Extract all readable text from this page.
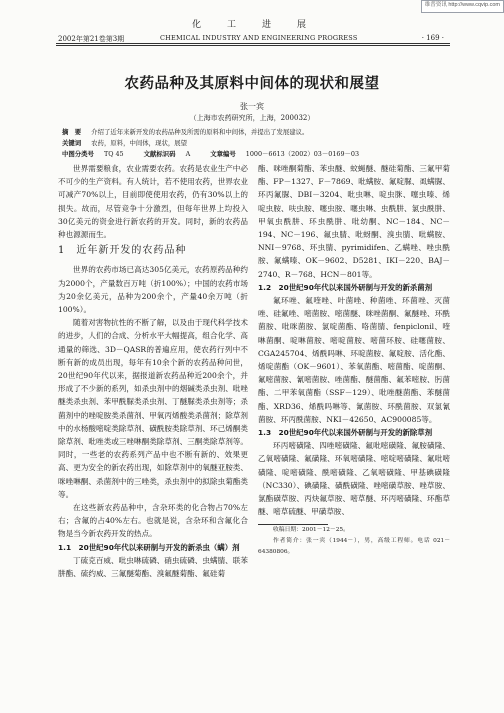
维普资讯 http://www.cqvip.com
化工进展
2002年第21卷第3期	CHEMICAL INDUSTRY AND ENGINEERING PROGRESS	· 169 ·
农药品种及其原料中间体的现状和展望
张一宾
（上海市农药研究所，上海，200032）
摘　要 介绍了近年来新开发的农药品种及所需的原料和中间体，并提出了发展建议。
关键词 农药，原料，中间体，现状，展望
中图分类号 TQ 45	文献标识码 A	文章编号 1000－6613（2002）03－0169－03

世界需要粮食，农业需要农药。农药是农业生产中必不可少的生产资料。有人统计，若不使用农药，世界农业可减产70%以上，目前即使使用农药，仍有30%以上的损失。故而，尽管竞争十分激烈，但每年世界上均投入30亿美元的资金进行新农药的开发。同时，新的农药品种也源源而生。

1　近年新开发的农药品种

世界的农药市场已高达305亿美元，农药原药品种约为2000个，产量数百万吨（折100%）；中国的农药市场为20余亿美元，品种为200余个，产量40余万吨（折100%）。

随着对害物抗性的不断了解，以及由于现代科学技术的进步，人们的合成、分析水平大幅提高，组合化学、高通量的筛选、3D－QASR的普遍应用，使农药行列中不断有新的成员出现，每年有10余个新的农药品种问世，20世纪90年代以来，据报道新农药品种近200余个，并形成了不少新的系列，如杀虫剂中的烟碱类杀虫剂、吡唑醚类杀虫剂、苯甲酰脲类杀虫剂、丁醚脲类杀虫剂等；杀菌剂中的唑啶胺类杀菌剂、甲氧丙烯酸类杀菌剂；除草剂中的水杨酸嘧啶类除草剂、磺酰胺类除草剂、环己烯酮类除草剂、吡唑类或三唑啉酮类除草剂、三酮类除草剂等。同时，一些老的农药系列产品中也不断有新的、效果更高、更为安全的新农药出现，如除草剂中的氧醚亚胺类、咪唑啉酮、杀菌剂中的三唑类，杀虫剂中的拟除虫菊酯类等。

在这些新农药品种中，含杂环类的化合物占70%左右；含氟的占40%左右。也就是说，含杂环和含氟化合物是当今新农药开发的热点。

1.1　20世纪90年代以来研制与开发的新杀虫（螨）剂

丁硫克百威、吡虫啉硫磷、硝虫硫磷、虫螨腈、联苯肼酯、硫约威、三氟醚菊酯、溴氟醚菊酯、氟硅菊

酯、咪唑酮菊酯、苯虫醚、蚊蝇醚、醚硅菊酯、三氟甲菊酯、FP－1327、F－7869、吡螨胺、氟啶脲、虱螨脲、环丙氟脲、DBI－3204、吡虫啉、啶虫脒、噻虫嗪、烯啶虫胺、呋虫胺、噻虫胺、噻虫啉、虫酰肼、氯虫酰肼、甲氧虫酰肼、环虫酰肼、吡幼酮、NC－184、NC－194、NC－196、氟虫腈、吡蚜酮、溴虫腈、吡螨胺、NNI－9768、环虫腈、pyrimidifen、乙螨唑、唑虫酰胺、氟螨嗪、OK－9602、D5281、IKI－220、BAJ－2740、R－768、HCN－801等。

1.2　20世纪90年代以来国外研制与开发的新杀菌剂

氟环唑、氟喹唑、叶菌唑、种菌唑、环菌唑、灭菌唑、硅氟唑、嘧菌胺、嘧菌醚、咪唑菌酮、氟醚唑、环酰菌胺、吡咪菌胺、氯啶菌酯、咯菌腈、fenpiclonil、喹啉菌酮、啶啉菌胺、嘧啶菌胺、嘧菌环胺、硅噻菌胺、CGA245704、烯酰吗啉、环啶菌胺、氟啶胺、活化酯、烯啶菌酯（OK－9601）、苯氧菌酯、嘧菌酯、啶菌酮、氟嘧菌胺、氰嘧菌胺、唑菌酯、醚菌酯、氟苯嘧胺、肟菌酯、二甲苯氧菌酯（SSF－129）、吡唑醚菌酯、苯醚菌酯、XRD36、烯酰吗啉等、氰菌胺、环酰菌胺、双氯氰菌胺、环丙酰菌胺、NKI－42650、AC900085等。

1.3　20世纪90年代以来国外研制与开发的新除草剂

环丙嘧磺隆、四唑嘧磺隆、氟吡嘧磺隆、氟胺磺隆、乙氧嘧磺隆、氟磺隆、环氧嘧磺隆、嘧啶嘧磺隆、氟吡嘧磺隆、啶嘧磺隆、酰嘧磺隆、乙氧嘧磺隆、甲基碘磺隆（NC330）、碘磺隆、磺酰磺隆、唑嘧磺草胺、唑草胺、氯酯磺草胺、丙炔氟草胺、嘧草醚、环丙嘧磺隆、环酯草醚、嘧草硫醚、甲磺草胺、

收稿日期：2001－12－25。

作者简介：张一宾（1944－），男，高级工程师。电话 021－64380806。
